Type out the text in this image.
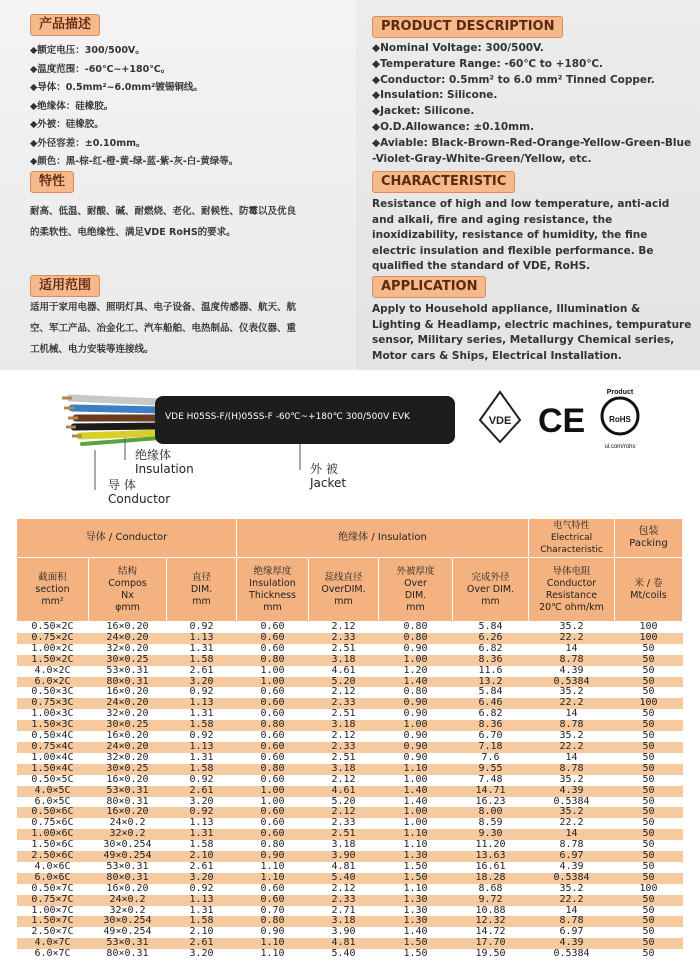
产品描述
◆额定电压：300/500V。
◆温度范围：-60℃~+180℃。
◆导体：0.5mm²~6.0mm²镀锡铜线。
◆绝缘体：硅橡胶。
◆外被：硅橡胶。
◆外径容差：±0.10mm。
◆颜色：黑-棕-红-橙-黄-绿-蓝-紫-灰-白-黄绿等。
特性
耐高、低温、耐酸、碱、耐燃烧、老化、耐候性、防霉以及优良的柔软性、电绝缘性、满足VDE RoHS的要求。
适用范围
适用于家用电器、照明灯具、电子设备、温度传感器、航天、航空、军工产品、冶金化工、汽车船舶、电热制品、仪表仪器、重工机械、电力安装等连接线。
PRODUCT DESCRIPTION
◆Nominal Voltage: 300/500V.
◆Temperature Range: -60℃ to +180℃.
◆Conductor: 0.5mm² to 6.0 mm² Tinned Copper.
◆Insulation: Silicone.
◆Jacket: Silicone.
◆O.D.Allowance: ±0.10mm.
◆Aviable: Black-Brown-Red-Orange-Yellow-Green-Blue
-Violet-Gray-White-Green/Yellow, etc.
CHARACTERISTIC
Resistance of high and low temperature, anti-acid and alkali, fire and aging resistance, the inoxidizability, resistance of humidity, the fine electric insulation and flexible performance. Be qualified the standard of VDE, RoHS.
APPLICATION
Apply to Household appliance, Illumination & Lighting & Headlamp, electric machines, tempurature sensor, Military series, Metallurgy Chemical series, Motor cars & Ships, Electrical Installation.
VDE CE
Product
RoHS
ul.com/rohs
VDE H05SS-F/(H)05SS-F -60℃~+180℃ 300/500V EVK
绝缘体
Insulation
导 体
Conductor
外 被
Jacket
导体 / Conductor			绝缘体 / Insulation				电气特性
Electrical
Characteristic	包装
Packing
截面积
section
mm²	结构
Compos
Nx
φmm	直径
DIM.
mm	绝缘厚度
Insulation
Thickness
mm	蕊线直径
OverDIM.
mm	外被厚度
Over
DIM.
mm	完成外径
Over DIM.
mm	导体电阻
Conductor
Resistance
20℃ ohm/km	米 / 卷
Mt/coils
0.50×2C	16×0.20	0.92	0.60	2.12	0.80	5.84	35.2	100
0.75×2C	24×0.20	1.13	0.60	2.33	0.80	6.26	22.2	100
1.00×2C	32×0.20	1.31	0.60	2.51	0.90	6.82	14	50
1.50×2C	30×0.25	1.58	0.80	3.18	1.00	8.36	8.78	50
4.0×2C	53×0.31	2.61	1.00	4.61	1.20	11.6	4.39	50
6.0×2C	80×0.31	3.20	1.00	5.20	1.40	13.2	0.5384	50
0.50×3C	16×0.20	0.92	0.60	2.12	0.80	5.84	35.2	50
0.75×3C	24×0.20	1.13	0.60	2.33	0.90	6.46	22.2	100
1.00×3C	32×0.20	1.31	0.60	2.51	0.90	6.82	14	50
1.50×3C	30×0.25	1.58	0.80	3.18	1.00	8.36	8.78	50
0.50×4C	16×0.20	0.92	0.60	2.12	0.90	6.70	35.2	50
0.75×4C	24×0.20	1.13	0.60	2.33	0.90	7.18	22.2	50
1.00×4C	32×0.20	1.31	0.60	2.51	0.90	7.6	14	50
1.50×4C	30×0.25	1.58	0.80	3.18	1.10	9.55	8.78	50
0.50×5C	16×0.20	0.92	0.60	2.12	1.00	7.48	35.2	50
4.0×5C	53×0.31	2.61	1.00	4.61	1.40	14.71	4.39	50
6.0×5C	80×0.31	3.20	1.00	5.20	1.40	16.23	0.5384	50
0.50×6C	16×0.20	0.92	0.60	2.12	1.00	8.00	35.2	50
0.75×6C	24×0.2	1.13	0.60	2.33	1.00	8.59	22.2	50
1.00×6C	32×0.2	1.31	0.60	2.51	1.10	9.30	14	50
1.50×6C	30×0.254	1.58	0.80	3.18	1.10	11.20	8.78	50
2.50×6C	49×0.254	2.10	0.90	3.90	1.30	13.63	6.97	50
4.0×6C	53×0.31	2.61	1.10	4.81	1.50	16.61	4.39	50
6.0×6C	80×0.31	3.20	1.10	5.40	1.50	18.28	0.5384	50
0.50×7C	16×0.20	0.92	0.60	2.12	1.10	8.68	35.2	100
0.75×7C	24×0.2	1.13	0.60	2.33	1.30	9.72	22.2	50
1.00×7C	32×0.2	1.31	0.70	2.71	1.30	10.88	14	50
1.50×7C	30×0.254	1.58	0.80	3.18	1.30	12.32	8.78	50
2.50×7C	49×0.254	2.10	0.90	3.90	1.40	14.72	6.97	50
4.0×7C	53×0.31	2.61	1.10	4.81	1.50	17.70	4.39	50
6.0×7C	80×0.31	3.20	1.10	5.40	1.50	19.50	0.5384	50
